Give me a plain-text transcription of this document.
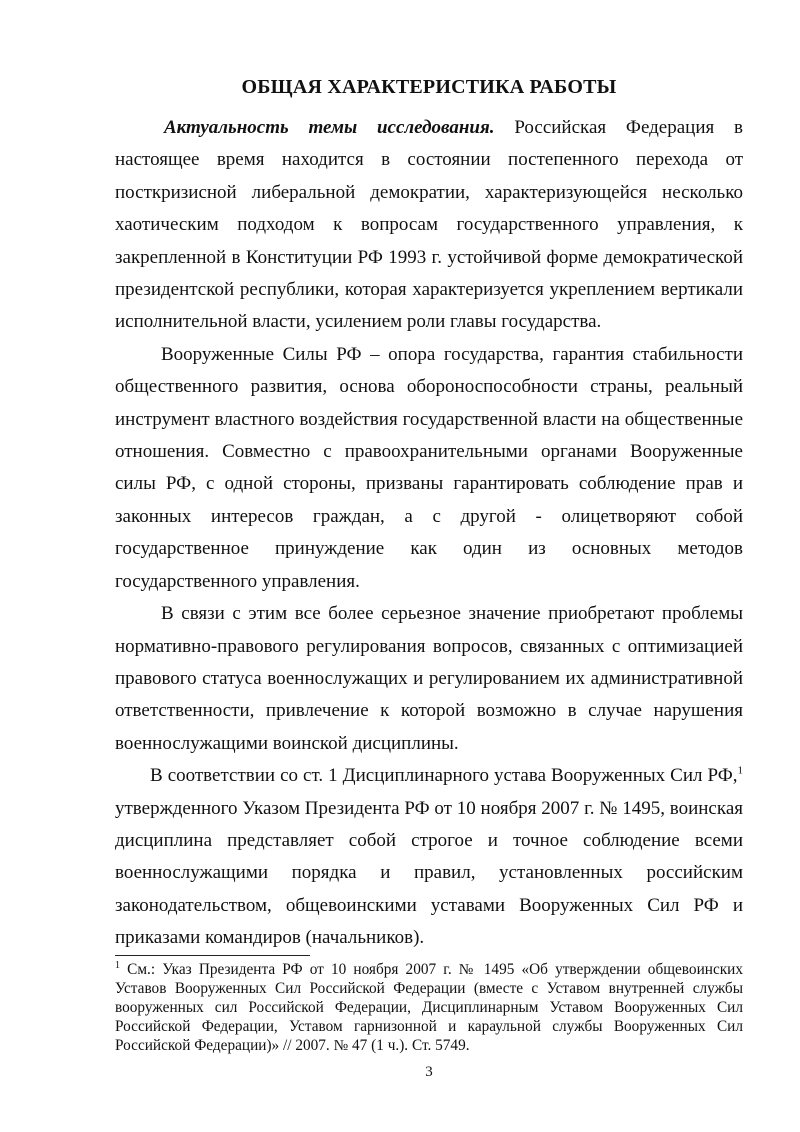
ОБЩАЯ ХАРАКТЕРИСТИКА РАБОТЫ

Актуальность темы исследования. Российская Федерация в настоящее время находится в состоянии постепенного перехода от посткризисной либеральной демократии, характеризующейся несколько хаотическим подходом к вопросам государственного управления, к закрепленной в Конституции РФ 1993 г. устойчивой форме демократической президентской республики, которая характеризуется укреплением вертикали исполнительной власти, усилением роли главы государства.

Вооруженные Силы РФ – опора государства, гарантия стабильности общественного развития, основа обороноспособности страны, реальный инструмент властного воздействия государственной власти на общественные отношения. Совместно с правоохранительными органами Вооруженные силы РФ, с одной стороны, призваны гарантировать соблюдение прав и законных интересов граждан, а с другой - олицетворяют собой государственное принуждение как один из основных методов государственного управления.

В связи с этим все более серьезное значение приобретают проблемы нормативно-правового регулирования вопросов, связанных с оптимизацией правового статуса военнослужащих и регулированием их административной ответственности, привлечение к которой возможно в случае нарушения военнослужащими воинской дисциплины.

В соответствии со ст. 1 Дисциплинарного устава Вооруженных Сил РФ,$^1$ утвержденного Указом Президента РФ от 10 ноября 2007 г. № 1495, воинская дисциплина представляет собой строгое и точное соблюдение всеми военнослужащими порядка и правил, установленных российским законодательством, общевоинскими уставами Вооруженных Сил РФ и приказами командиров (начальников).

$^1$ См.: Указ Президента РФ от 10 ноября 2007 г. № 1495 «Об утверждении общевоинских Уставов Вооруженных Сил Российской Федерации (вместе с Уставом внутренней службы вооруженных сил Российской Федерации, Дисциплинарным Уставом Вооруженных Сил Российской Федерации, Уставом гарнизонной и караульной службы Вооруженных Сил Российской Федерации)» // 2007. № 47 (1 ч.). Ст. 5749.

3
